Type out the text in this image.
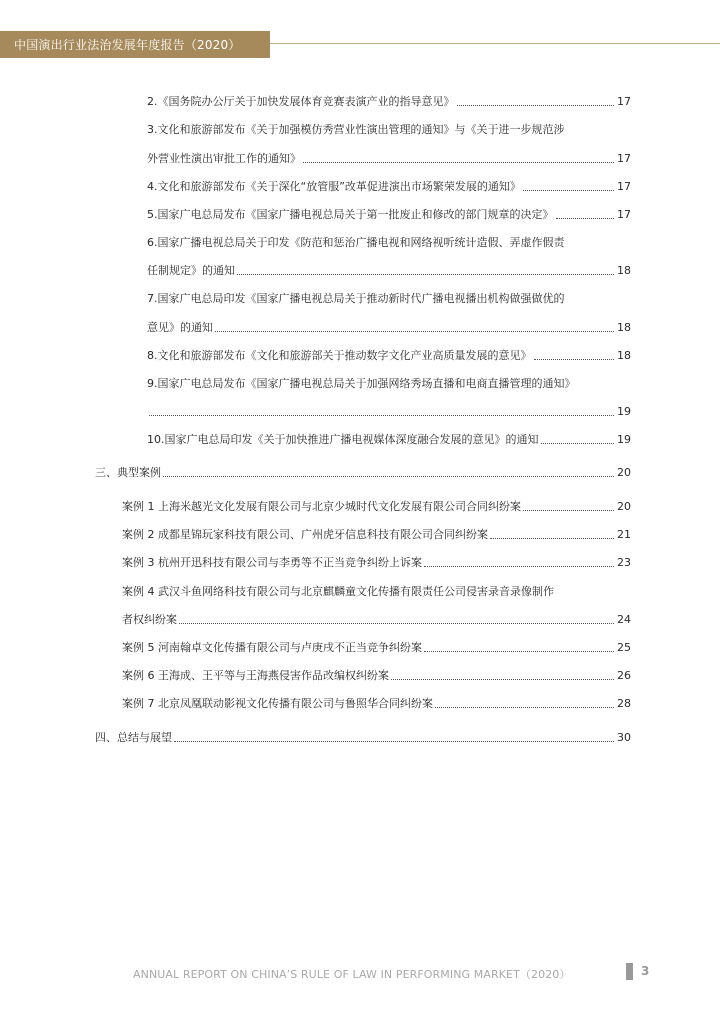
中国演出行业法治发展年度报告（2020）
2.《国务院办公厅关于加快发展体育竞赛表演产业的指导意见》	17
3.文化和旅游部发布《关于加强模仿秀营业性演出管理的通知》与《关于进一步规范涉
外营业性演出审批工作的通知》	17
4.文化和旅游部发布《关于深化“放管服”改革促进演出市场繁荣发展的通知》	17
5.国家广电总局发布《国家广播电视总局关于第一批废止和修改的部门规章的决定》	17
6.国家广播电视总局关于印发《防范和惩治广播电视和网络视听统计造假、弄虚作假责
任制规定》的通知	18
7.国家广电总局印发《国家广播电视总局关于推动新时代广播电视播出机构做强做优的
意见》的通知	18
8.文化和旅游部发布《文化和旅游部关于推动数字文化产业高质量发展的意见》	18
9.国家广电总局发布《国家广播电视总局关于加强网络秀场直播和电商直播管理的通知》
19
10.国家广电总局印发《关于加快推进广播电视媒体深度融合发展的意见》的通知	19
三、典型案例	20
案例 1 上海米越光文化发展有限公司与北京少城时代文化发展有限公司合同纠纷案	20
案例 2 成都星锦玩家科技有限公司、广州虎牙信息科技有限公司合同纠纷案	21
案例 3 杭州开迅科技有限公司与李勇等不正当竞争纠纷上诉案	23
案例 4 武汉斗鱼网络科技有限公司与北京麒麟童文化传播有限责任公司侵害录音录像制作
者权纠纷案	24
案例 5 河南翰卓文化传播有限公司与卢庚戌不正当竞争纠纷案	25
案例 6 王海成、王平等与王海燕侵害作品改编权纠纷案	26
案例 7 北京凤凰联动影视文化传播有限公司与鲁照华合同纠纷案	28
四、总结与展望	30
ANNUAL REPORT ON CHINA’S RULE OF LAW IN PERFORMING MARKET（2020）	3
